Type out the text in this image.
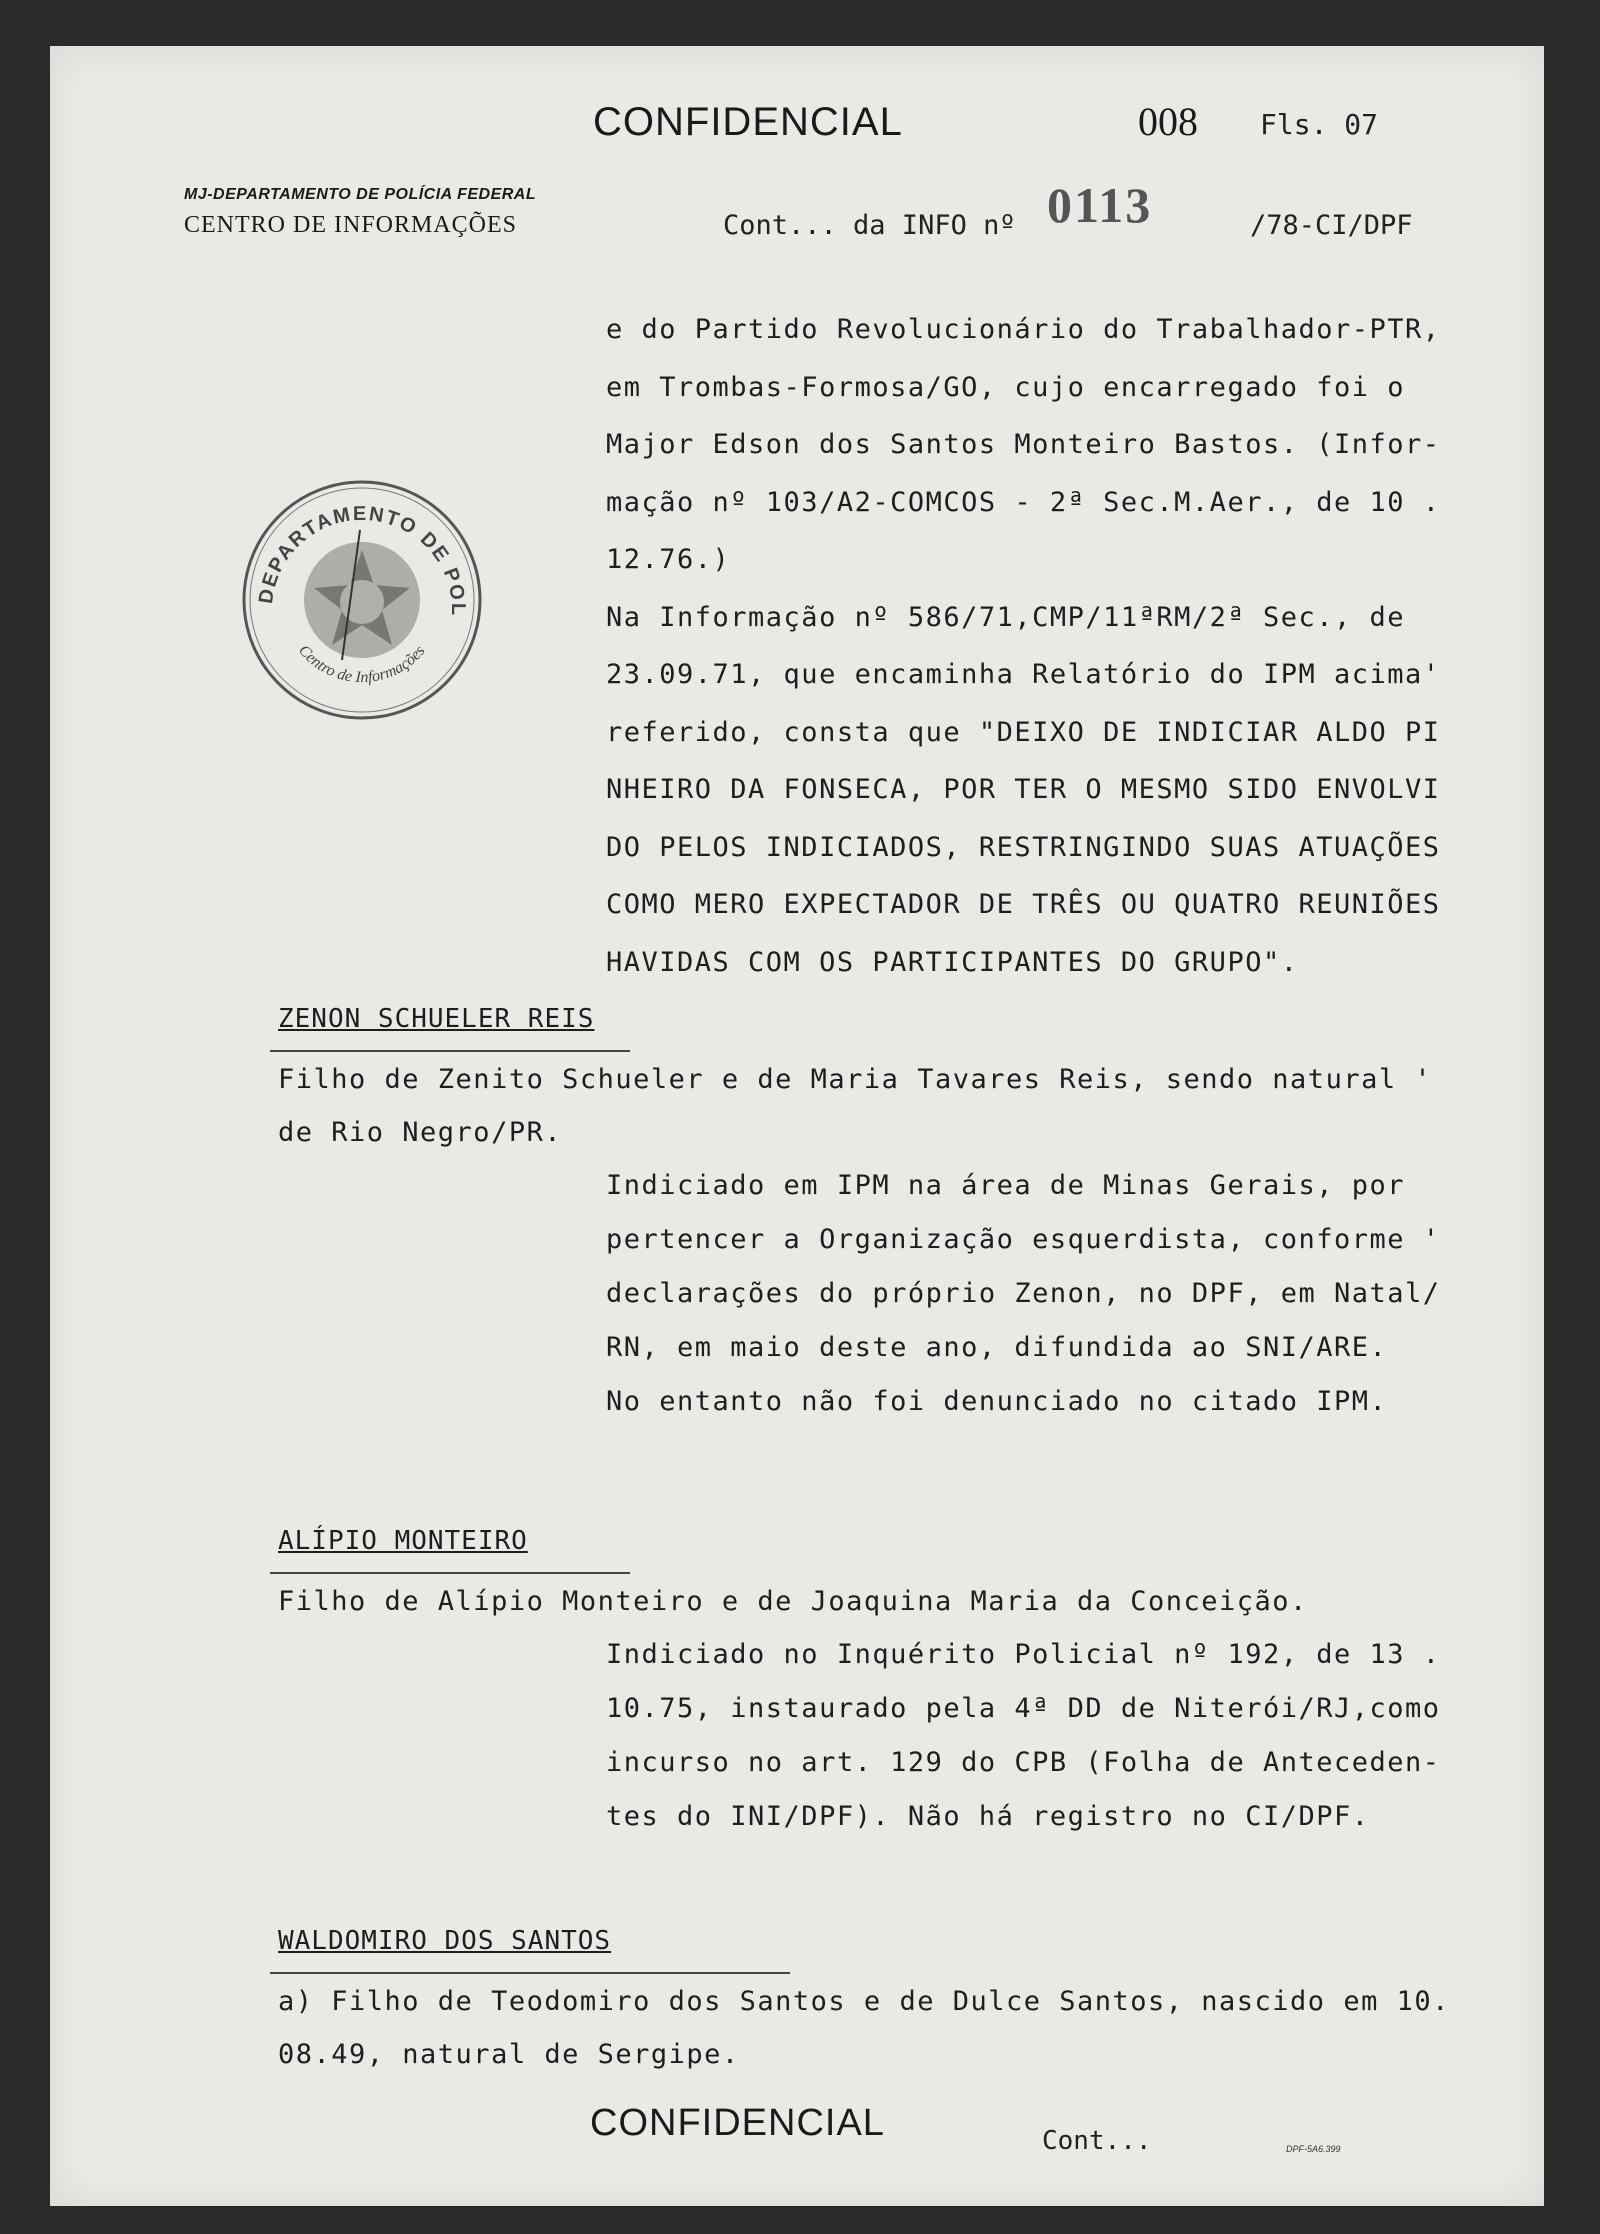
CONFIDENCIAL	008 Fls. 07
MJ-DEPARTAMENTO DE POLÍCIA FEDERAL
CENTRO DE INFORMAÇÕES	Cont... da INFO nº 0113	/78-CI/DPF
e do Partido Revolucionário do Trabalhador-PTR,
em Trombas-Formosa/GO, cujo encarregado foi o
Major Edson dos Santos Monteiro Bastos. (Infor-
mação nº 103/A2-COMCOS - 2ª Sec.M.Aer., de 10 .
12.76.)
Na Informação nº 586/71,CMP/11ªRM/2ª Sec., de
23.09.71, que encaminha Relatório do IPM acima'
referido, consta que "DEIXO DE INDICIAR ALDO PI
NHEIRO DA FONSECA, POR TER O MESMO SIDO ENVOLVI
DO PELOS INDICIADOS, RESTRINGINDO SUAS ATUAÇÕES
COMO MERO EXPECTADOR DE TRÊS OU QUATRO REUNIÕES
HAVIDAS COM OS PARTICIPANTES DO GRUPO".
ZENON SCHUELER REIS
Filho de Zenito Schueler e de Maria Tavares Reis, sendo natural '
de Rio Negro/PR.
Indiciado em IPM na área de Minas Gerais, por
pertencer a Organização esquerdista, conforme '
declarações do próprio Zenon, no DPF, em Natal/
RN, em maio deste ano, difundida ao SNI/ARE.
No entanto não foi denunciado no citado IPM.
ALÍPIO MONTEIRO
Filho de Alípio Monteiro e de Joaquina Maria da Conceição.
Indiciado no Inquérito Policial nº 192, de 13 .
10.75, instaurado pela 4ª DD de Niterói/RJ,como
incurso no art. 129 do CPB (Folha de Anteceden-
tes do INI/DPF). Não há registro no CI/DPF.
WALDOMIRO DOS SANTOS
a) Filho de Teodomiro dos Santos e de Dulce Santos, nascido em 10.
08.49, natural de Sergipe.
CONFIDENCIAL	Cont...	DPF-5A6.399
DEPARTAMENTO DE POL
Centro de Informações
